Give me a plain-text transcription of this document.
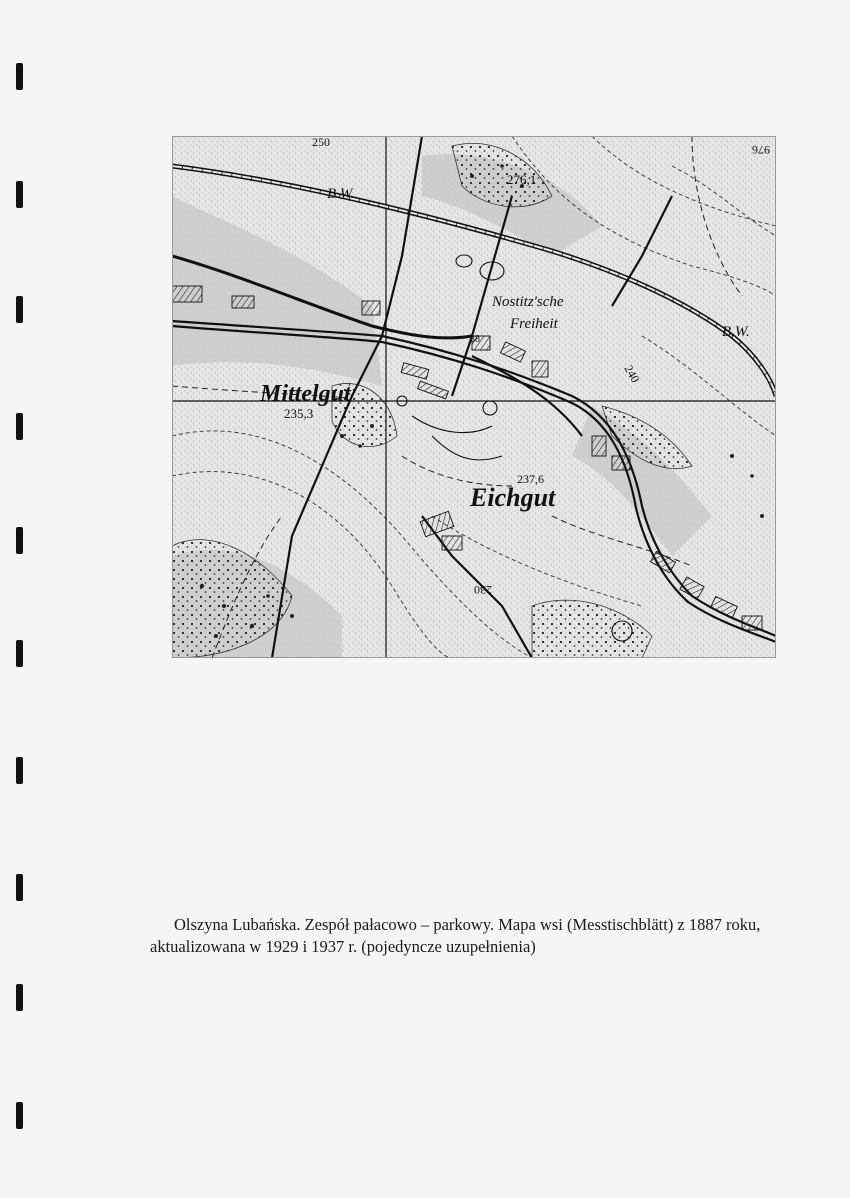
Mittelgut
Eichgut
Nostitz'sche
Freiheit
B.W.
B.W.
276,1
235,3
237,6
240
250
230
976
38
Olszyna Lubańska. Zespół pałacowo – parkowy. Mapa wsi (Messtischblätt) z 1887 roku,
aktualizowana w 1929 i 1937 r. (pojedyncze uzupełnienia)
